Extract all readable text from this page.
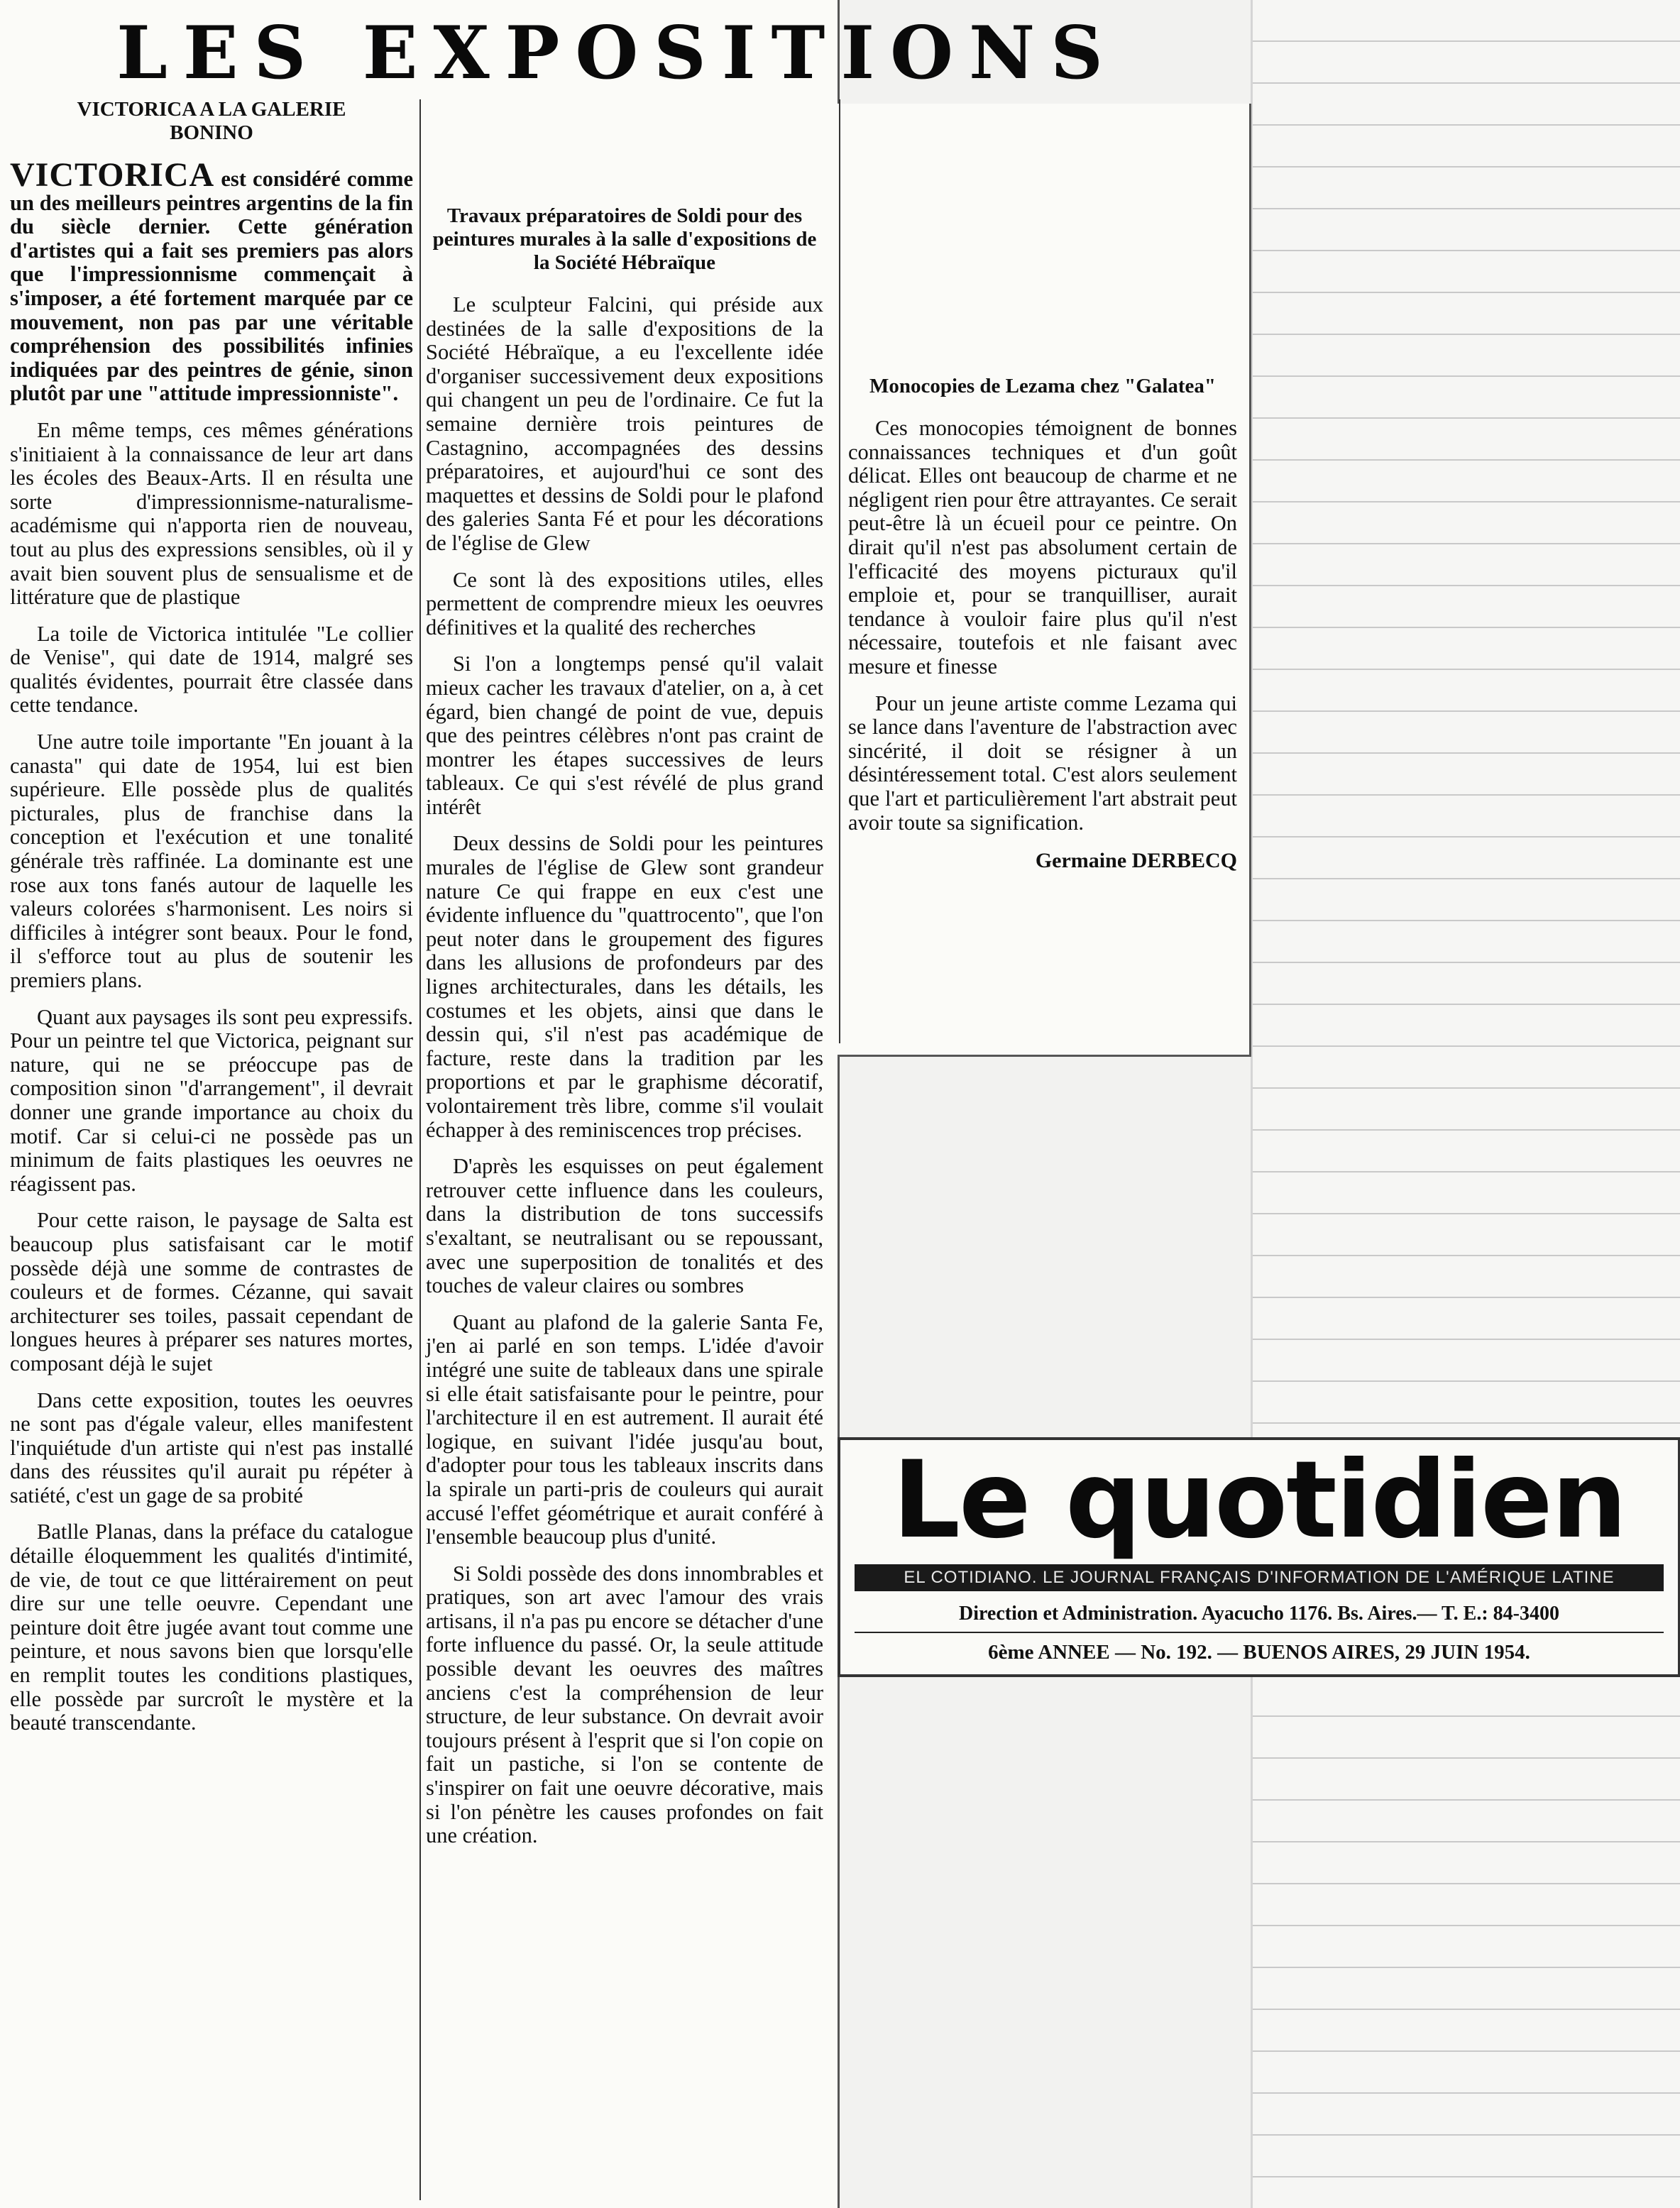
LES EXPOSITIONS
VICTORICA A LA GALERIE
BONINO

VICTORICA est considéré comme un des meilleurs peintres argentins de la fin du siècle dernier. Cette génération d'artistes qui a fait ses premiers pas alors que l'impressionnisme commençait à s'imposer, a été fortement marquée par ce mouvement, non pas par une véritable compréhension des possibilités infinies indiquées par des peintres de génie, sinon plutôt par une "attitude impressionniste".

En même temps, ces mêmes générations s'initiaient à la connaissance de leur art dans les écoles des Beaux-Arts. Il en résulta une sorte d'impressionnisme-naturalisme-académisme qui n'apporta rien de nouveau, tout au plus des expressions sensibles, où il y avait bien souvent plus de sensualisme et de littérature que de plastique

La toile de Victorica intitulée "Le collier de Venise", qui date de 1914, malgré ses qualités évidentes, pourrait être classée dans cette tendance.

Une autre toile importante "En jouant à la canasta" qui date de 1954, lui est bien supérieure. Elle possède plus de qualités picturales, plus de franchise dans la conception et l'exécution et une tonalité générale très raffinée. La dominante est une rose aux tons fanés autour de laquelle les valeurs colorées s'harmonisent. Les noirs si difficiles à intégrer sont beaux. Pour le fond, il s'efforce tout au plus de soutenir les premiers plans.

Quant aux paysages ils sont peu expressifs. Pour un peintre tel que Victorica, peignant sur nature, qui ne se préoccupe pas de composition sinon "d'arrangement", il devrait donner une grande importance au choix du motif. Car si celui-ci ne possède pas un minimum de faits plastiques les oeuvres ne réagissent pas.

Pour cette raison, le paysage de Salta est beaucoup plus satisfaisant car le motif possède déjà une somme de contrastes de couleurs et de formes. Cézanne, qui savait architecturer ses toiles, passait cependant de longues heures à préparer ses natures mortes, composant déjà le sujet

Dans cette exposition, toutes les oeuvres ne sont pas d'égale valeur, elles manifestent l'inquiétude d'un artiste qui n'est pas installé dans des réussites qu'il aurait pu répéter à satiété, c'est un gage de sa probité

Batlle Planas, dans la préface du catalogue détaille éloquemment les qualités d'intimité, de vie, de tout ce que littérairement on peut dire sur une telle oeuvre. Cependant une peinture doit être jugée avant tout comme une peinture, et nous savons bien que lorsqu'elle en remplit toutes les conditions plastiques, elle possède par surcroît le mystère et la beauté transcendante.

Travaux préparatoires de Soldi pour des peintures murales à la salle d'expositions de la Société Hébraïque

Le sculpteur Falcini, qui préside aux destinées de la salle d'expositions de la Société Hébraïque, a eu l'excellente idée d'organiser successivement deux expositions qui changent un peu de l'ordinaire. Ce fut la semaine dernière trois peintures de Castagnino, accompagnées des dessins préparatoires, et aujourd'hui ce sont des maquettes et dessins de Soldi pour le plafond des galeries Santa Fé et pour les décorations de l'église de Glew

Ce sont là des expositions utiles, elles permettent de comprendre mieux les oeuvres définitives et la qualité des recherches

Si l'on a longtemps pensé qu'il valait mieux cacher les travaux d'atelier, on a, à cet égard, bien changé de point de vue, depuis que des peintres célèbres n'ont pas craint de montrer les étapes successives de leurs tableaux. Ce qui s'est révélé de plus grand intérêt

Deux dessins de Soldi pour les peintures murales de l'église de Glew sont grandeur nature Ce qui frappe en eux c'est une évidente influence du "quattrocento", que l'on peut noter dans le groupement des figures dans les allusions de profondeurs par des lignes architecturales, dans les détails, les costumes et les objets, ainsi que dans le dessin qui, s'il n'est pas académique de facture, reste dans la tradition par les proportions et par le graphisme décoratif, volontairement très libre, comme s'il voulait échapper à des reminiscences trop précises.

D'après les esquisses on peut également retrouver cette influence dans les couleurs, dans la distribution de tons successifs s'exaltant, se neutralisant ou se repoussant, avec une superposition de tonalités et des touches de valeur claires ou sombres

Quant au plafond de la galerie Santa Fe, j'en ai parlé en son temps. L'idée d'avoir intégré une suite de tableaux dans une spirale si elle était satisfaisante pour le peintre, pour l'architecture il en est autrement. Il aurait été logique, en suivant l'idée jusqu'au bout, d'adopter pour tous les tableaux inscrits dans la spirale un parti-pris de couleurs qui aurait accusé l'effet géométrique et aurait conféré à l'ensemble beaucoup plus d'unité.

Si Soldi possède des dons innombrables et pratiques, son art avec l'amour des vrais artisans, il n'a pas pu encore se détacher d'une forte influence du passé. Or, la seule attitude possible devant les oeuvres des maîtres anciens c'est la compréhension de leur structure, de leur substance. On devrait avoir toujours présent à l'esprit que si l'on copie on fait un pastiche, si l'on se contente de s'inspirer on fait une oeuvre décorative, mais si l'on pénètre les causes profondes on fait une création.

Monocopies de Lezama chez "Galatea"

Ces monocopies témoignent de bonnes connaissances techniques et d'un goût délicat. Elles ont beaucoup de charme et ne négligent rien pour être attrayantes. Ce serait peut-être là un écueil pour ce peintre. On dirait qu'il n'est pas absolument certain de l'efficacité des moyens picturaux qu'il emploie et, pour se tranquilliser, aurait tendance à vouloir faire plus qu'il n'est nécessaire, toutefois et nle faisant avec mesure et finesse

Pour un jeune artiste comme Lezama qui se lance dans l'aventure de l'abstraction avec sincérité, il doit se résigner à un désintéressement total. C'est alors seulement que l'art et particulièrement l'art abstrait peut avoir toute sa signification.

Germaine DERBECQ
Le quotidien
EL COTIDIANO. LE JOURNAL FRANÇAIS D'INFORMATION DE L'AMÉRIQUE LATINE
Direction et Administration. Ayacucho 1176. Bs. Aires.— T. E.: 84-3400
6ème ANNEE — No. 192. — BUENOS AIRES, 29 JUIN 1954.
